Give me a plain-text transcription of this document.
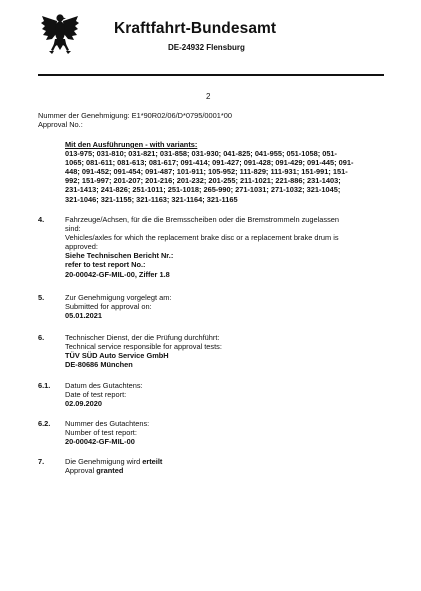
Kraftfahrt-Bundesamt
DE-24932 Flensburg
2
Nummer der Genehmigung: E1*90R02/06/D*0795/0001*00
Approval No.:
Mit den Ausführungen - with variants:
013-975; 031-810; 031-821; 031-858; 031-930; 041-825; 041-955; 051-1058; 051-
1065; 081-611; 081-613; 081-617; 091-414; 091-427; 091-428; 091-429; 091-445; 091-
448; 091-452; 091-454; 091-487; 101-911; 105-952; 111-829; 111-931; 151-991; 151-
992; 151-997; 201-207; 201-216; 201-232; 201-255; 211-1021; 221-886; 231-1403;
231-1413; 241-826; 251-1011; 251-1018; 265-990; 271-1031; 271-1032; 321-1045;
321-1046; 321-1155; 321-1163; 321-1164; 321-1165
4.	Fahrzeuge/Achsen, für die die Bremsscheiben oder die Bremstrommeln zugelassen
sind:
Vehicles/axles for which the replacement brake disc or a replacement brake drum is
approved:
Siehe Technischen Bericht Nr.:
refer to test report No.:
20-00042-GF-MIL-00, Ziffer 1.8
5.	Zur Genehmigung vorgelegt am:
Submitted for approval on:
05.01.2021
6.	Technischer Dienst, der die Prüfung durchführt:
Technical service responsible for approval tests:
TÜV SÜD Auto Service GmbH
DE-80686 München
6.1. Datum des Gutachtens:
Date of test report:
02.09.2020
6.2. Nummer des Gutachtens:
Number of test report:
20-00042-GF-MIL-00
7.	Die Genehmigung wird erteilt
Approval granted
